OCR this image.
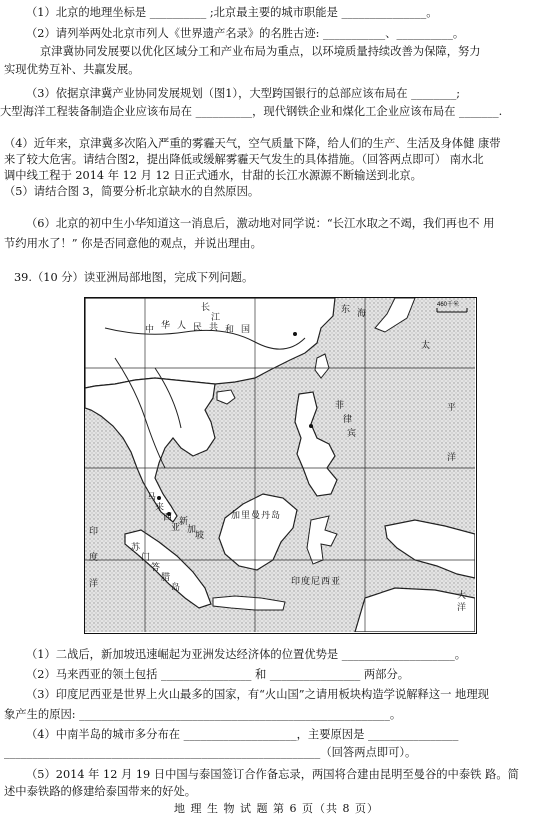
（1）北京的地理坐标是 __________ ;北京最主要的城市职能是 _______________。
（2）请列举两处北京市列人《世界遗产名录》的名胜古迹: ___________、__________。
京津冀协同发展要以优化区域分工和产业布局为重点，以环境质量持续改善为保障，努力
实现优势互补、共赢发展。
（3）依据京津冀产业协同发展规划（图1），大型跨国银行的总部应该布局在 ________;
大型海洋工程装备制造企业应该布局在 __________，现代钢铁企业和煤化工企业应该布局在 _______.
（4）近年来，京津冀多次陷入严重的雾霾天气，空气质量下降，给人们的生产、生活及身体健 康带
来了较大危害。请结合图2，提出降低或缓解雾霾天气发生的具体措施。（回答两点即可） 南水北
调中线工程于 2014 年 12 月 12 日正式通水，甘甜的长江水源源不断输送到北京。
（5）请结合图 3，简要分析北京缺水的自然原因。
（6）北京的初中生小华知道这一消息后，激动地对同学说：“长江水取之不竭，我们再也不 用
节约用水了！” 你是否同意他的观点，并说出理由。
39.（10 分）读亚洲局部地图，完成下列问题。
460千米
中 华 人 民 共 和 国
长
江
东 海
太
平
洋
菲
律
宾
马
来
西
亚
新
加
坡
苏
门
答
腊
岛
加 里 曼 丹 岛
印 度 尼 西 亚
大
洋
印
度
洋
（1）二战后，新加坡迅速崛起为亚洲发达经济体的位置优势是 ____________________。
（2）马来西亚的领土包括 ________________ 和 ________________ 两部分。
（3）印度尼西亚是世界上火山最多的国家，有“火山国”之请用板块构造学说解释这一 地理现
象产生的原因: _______________________________________________________。
（4）中南半岛的城市多分布在 ____________________，主要原因是 ________________
________________________________________________________（回答两点即可）。
（5）2014 年 12 月 19 日中国与泰国签订合作备忘录，两国将合建由昆明至曼谷的中泰铁 路。简
述中泰铁路的修建给泰国带来的好处。
地 理 生 物 试 题 第 6 页（共 8 页）
